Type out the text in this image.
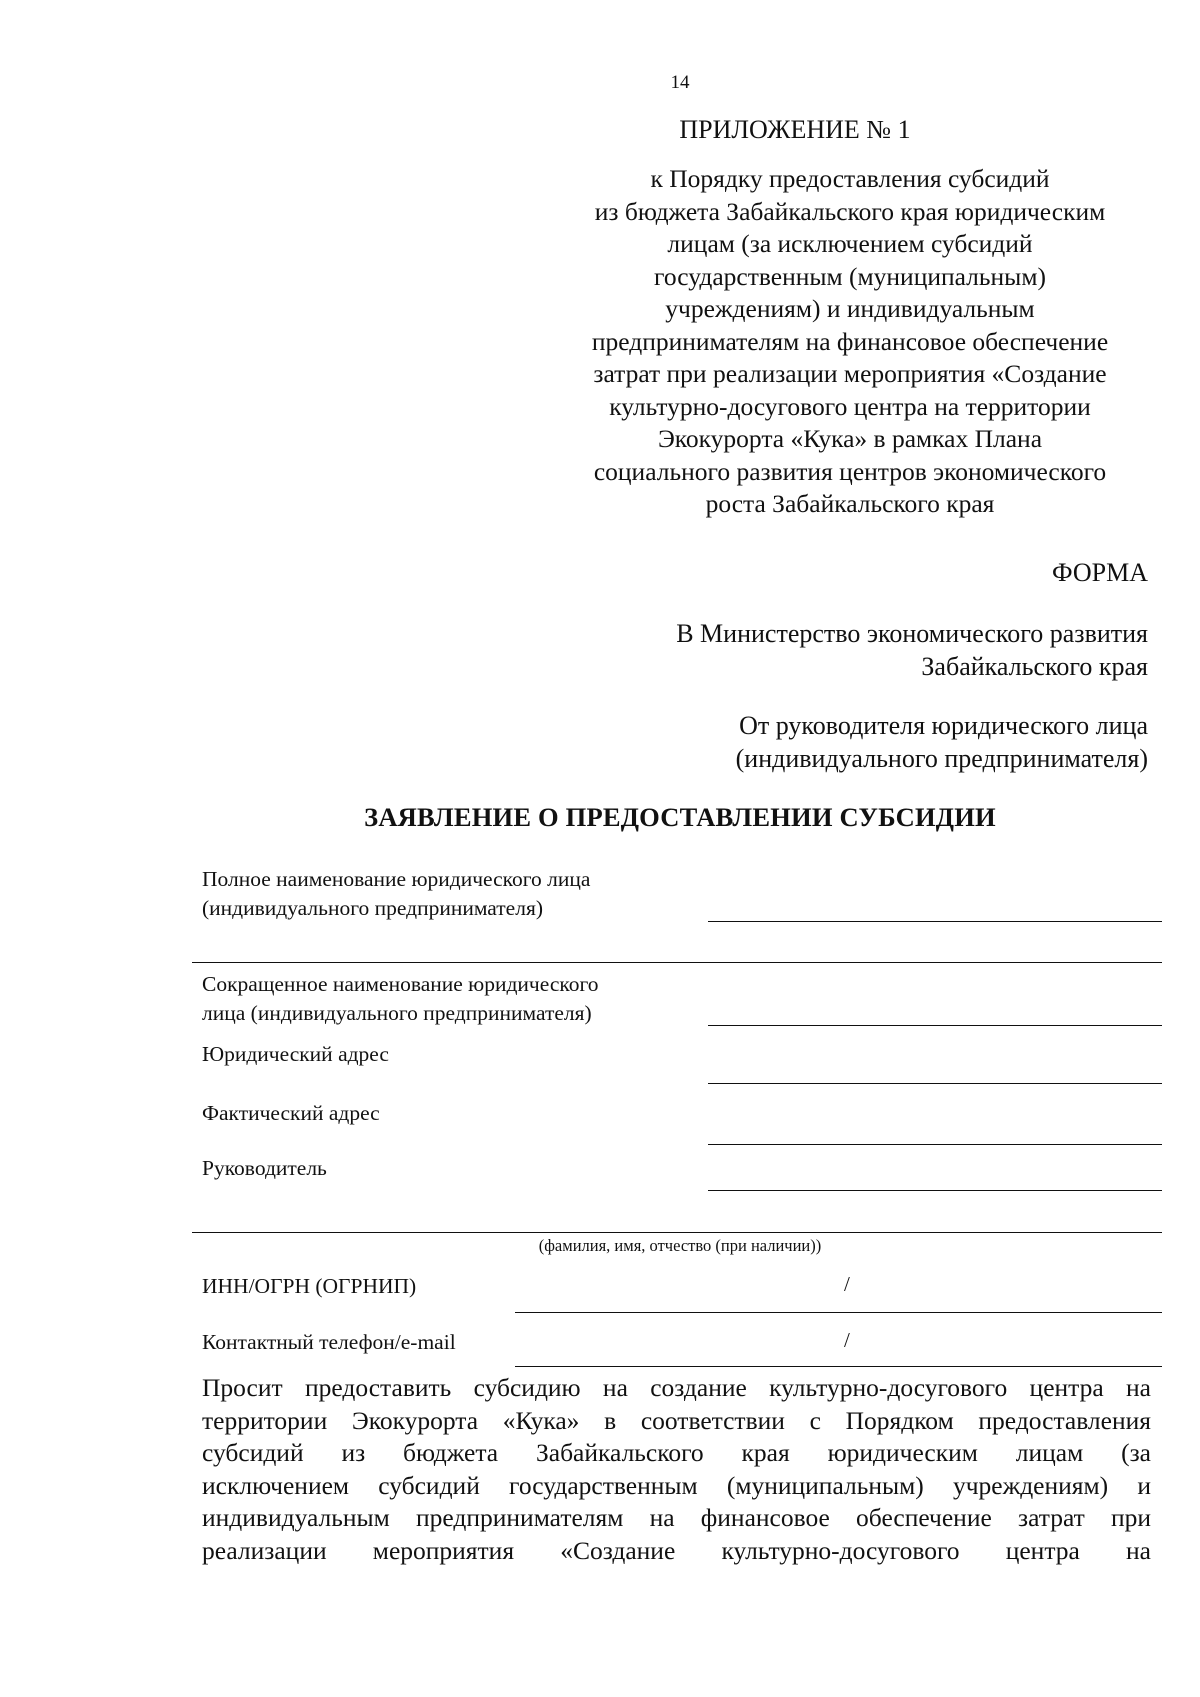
14
ПРИЛОЖЕНИЕ № 1
к Порядку предоставления субсидий
из бюджета Забайкальского края юридическим
лицам (за исключением субсидий
государственным (муниципальным)
учреждениям) и индивидуальным
предпринимателям на финансовое обеспечение
затрат при реализации мероприятия «Создание
культурно-досугового центра на территории
Экокурорта «Кука» в рамках Плана
социального развития центров экономического
роста Забайкальского края
ФОРМА
В Министерство экономического развития
Забайкальского края
От руководителя юридического лица
(индивидуального предпринимателя)
ЗАЯВЛЕНИЕ О ПРЕДОСТАВЛЕНИИ СУБСИДИИ
Полное наименование юридического лица
(индивидуального предпринимателя)
Сокращенное наименование юридического
лица (индивидуального предпринимателя)
Юридический адрес
Фактический адрес
Руководитель
(фамилия, имя, отчество (при наличии))
ИНН/ОГРН (ОГРНИП)	/
Контактный телефон/e-mail	/
Просит предоставить субсидию на создание культурно-досугового центра на
территории Экокурорта «Кука» в соответствии с Порядком предоставления
субсидий из бюджета Забайкальского края юридическим лицам (за
исключением субсидий государственным (муниципальным) учреждениям) и
индивидуальным предпринимателям на финансовое обеспечение затрат при
реализации мероприятия «Создание культурно-досугового центра на
